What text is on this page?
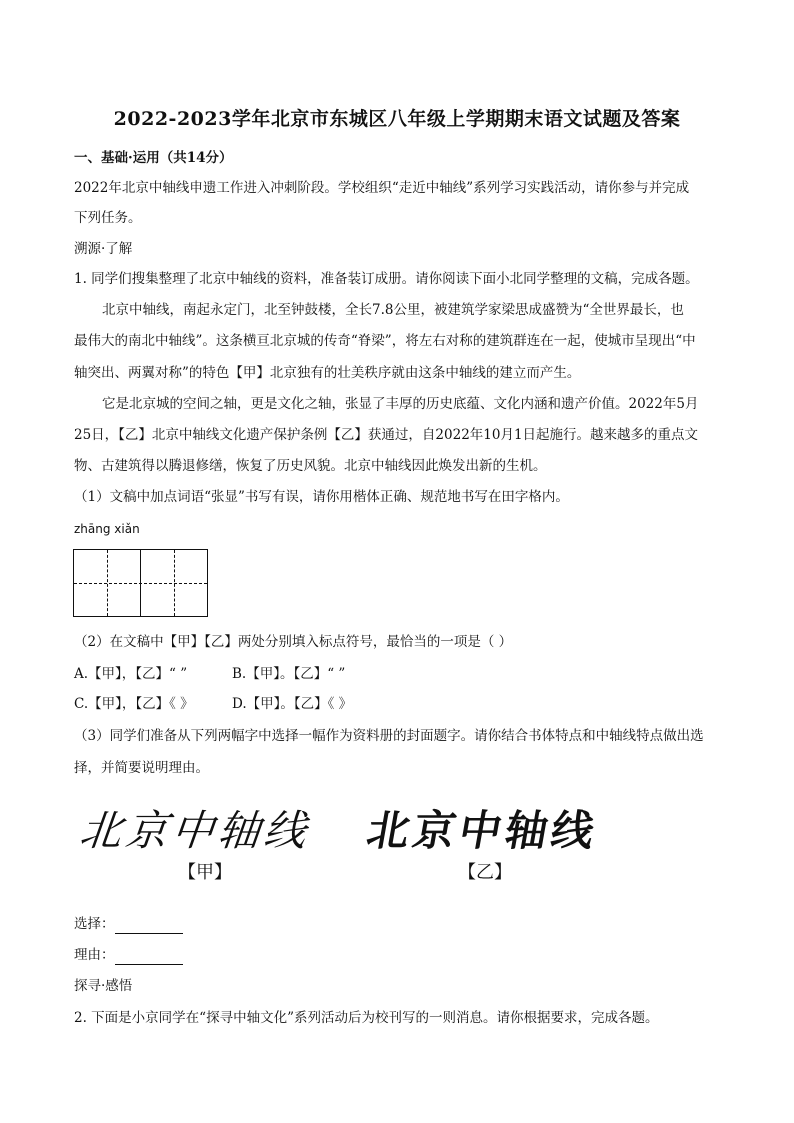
2022-2023学年北京市东城区八年级上学期期末语文试题及答案
一、基础·运用（共14分）
2022年北京中轴线申遗工作进入冲刺阶段。学校组织“走近中轴线”系列学习实践活动，请你参与并完成
下列任务。
溯源·了解
1. 同学们搜集整理了北京中轴线的资料，准备装订成册。请你阅读下面小北同学整理的文稿，完成各题。
北京中轴线，南起永定门，北至钟鼓楼，全长7.8公里，被建筑学家梁思成盛赞为“全世界最长，也
最伟大的南北中轴线”。这条横亘北京城的传奇“脊梁”，将左右对称的建筑群连在一起，使城市呈现出“中
轴突出、两翼对称”的特色【甲】北京独有的壮美秩序就由这条中轴线的建立而产生。
它是北京城的空间之轴，更是文化之轴，张显了丰厚的历史底蕴、文化内涵和遗产价值。2022年5月
25日，【乙】北京中轴线文化遗产保护条例【乙】获通过，自2022年10月1日起施行。越来越多的重点文
物、古建筑得以腾退修缮，恢复了历史风貌。北京中轴线因此焕发出新的生机。
（1）文稿中加点词语“张显”书写有误，请你用楷体正确、规范地书写在田字格内。
zhāng xiǎn
（2）在文稿中【甲】【乙】两处分别填入标点符号，最恰当的一项是（ ）
A.【甲】，【乙】“ ”	B.【甲】。【乙】“ ”
C.【甲】，【乙】《 》	D.【甲】。【乙】《 》
（3）同学们准备从下列两幅字中选择一幅作为资料册的封面题字。请你结合书体特点和中轴线特点做出选
择，并简要说明理由。
北京中轴线 北京中轴线
【甲】	【乙】
选择：
理由：
探寻·感悟
2. 下面是小京同学在“探寻中轴文化”系列活动后为校刊写的一则消息。请你根据要求，完成各题。
